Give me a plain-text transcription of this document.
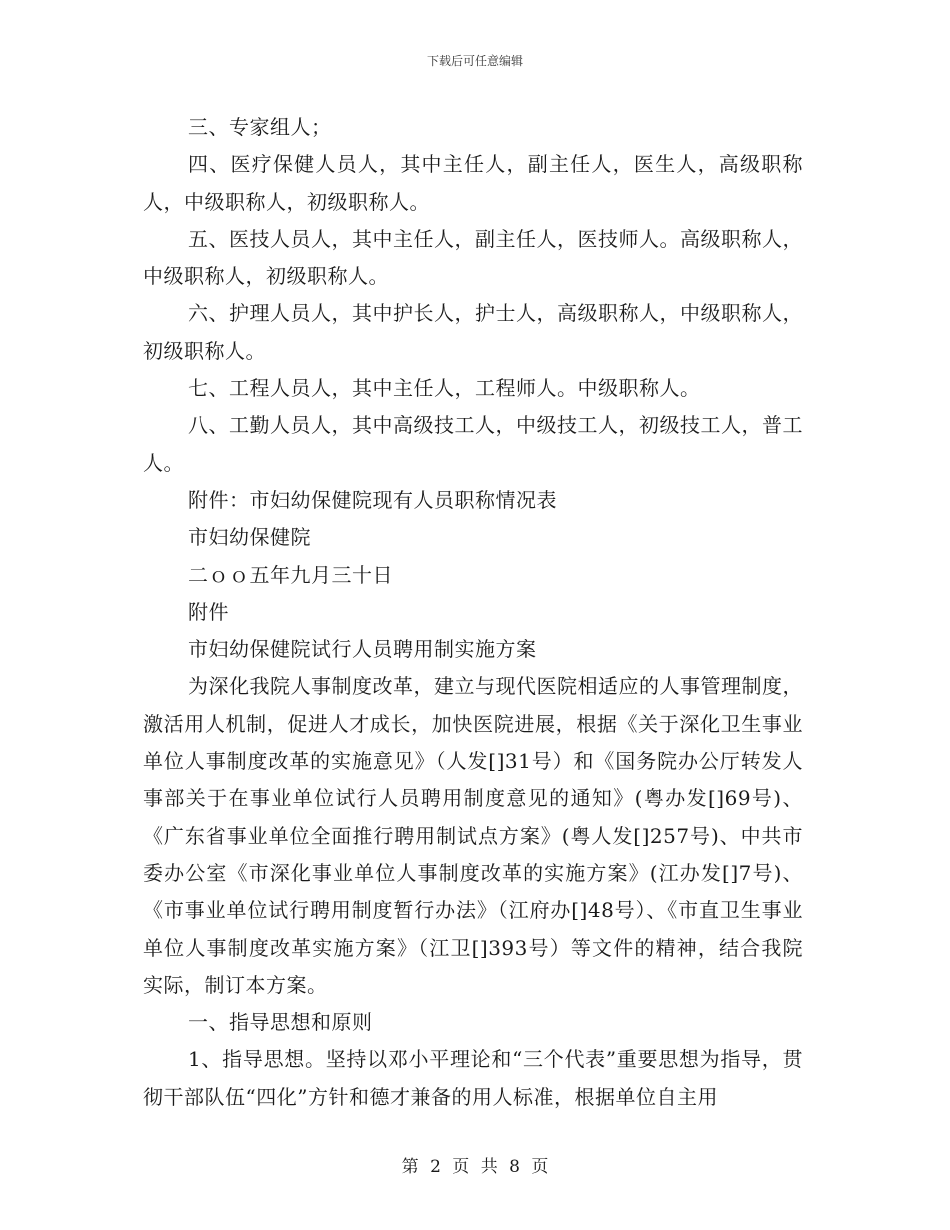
下载后可任意编辑

三、专家组人；

四、医疗保健人员人，其中主任人，副主任人，医生人，高级职称人，中级职称人，初级职称人。

五、医技人员人，其中主任人，副主任人，医技师人。高级职称人，中级职称人，初级职称人。

六、护理人员人，其中护长人，护士人，高级职称人，中级职称人，初级职称人。

七、工程人员人，其中主任人，工程师人。中级职称人。

八、工勤人员人，其中高级技工人，中级技工人，初级技工人，普工人。

附件：市妇幼保健院现有人员职称情况表

市妇幼保健院

二ｏｏ五年九月三十日

附件

市妇幼保健院试行人员聘用制实施方案

为深化我院人事制度改革，建立与现代医院相适应的人事管理制度，激活用人机制，促进人才成长，加快医院进展，根据《关于深化卫生事业单位人事制度改革的实施意见》（人发[]31号）和《国务院办公厅转发人事部关于在事业单位试行人员聘用制度意见的通知》(粤办发[]69号)、《广东省事业单位全面推行聘用制试点方案》(粤人发[]257号)、中共市委办公室《市深化事业单位人事制度改革的实施方案》(江办发[]7号)、《市事业单位试行聘用制度暂行办法》（江府办[]48号）、《市直卫生事业单位人事制度改革实施方案》（江卫[]393号）等文件的精神，结合我院实际，制订本方案。

一、指导思想和原则

1、指导思想。坚持以邓小平理论和“三个代表”重要思想为指导，贯彻干部队伍“四化”方针和德才兼备的用人标准，根据单位自主用

第 2 页 共 8 页
